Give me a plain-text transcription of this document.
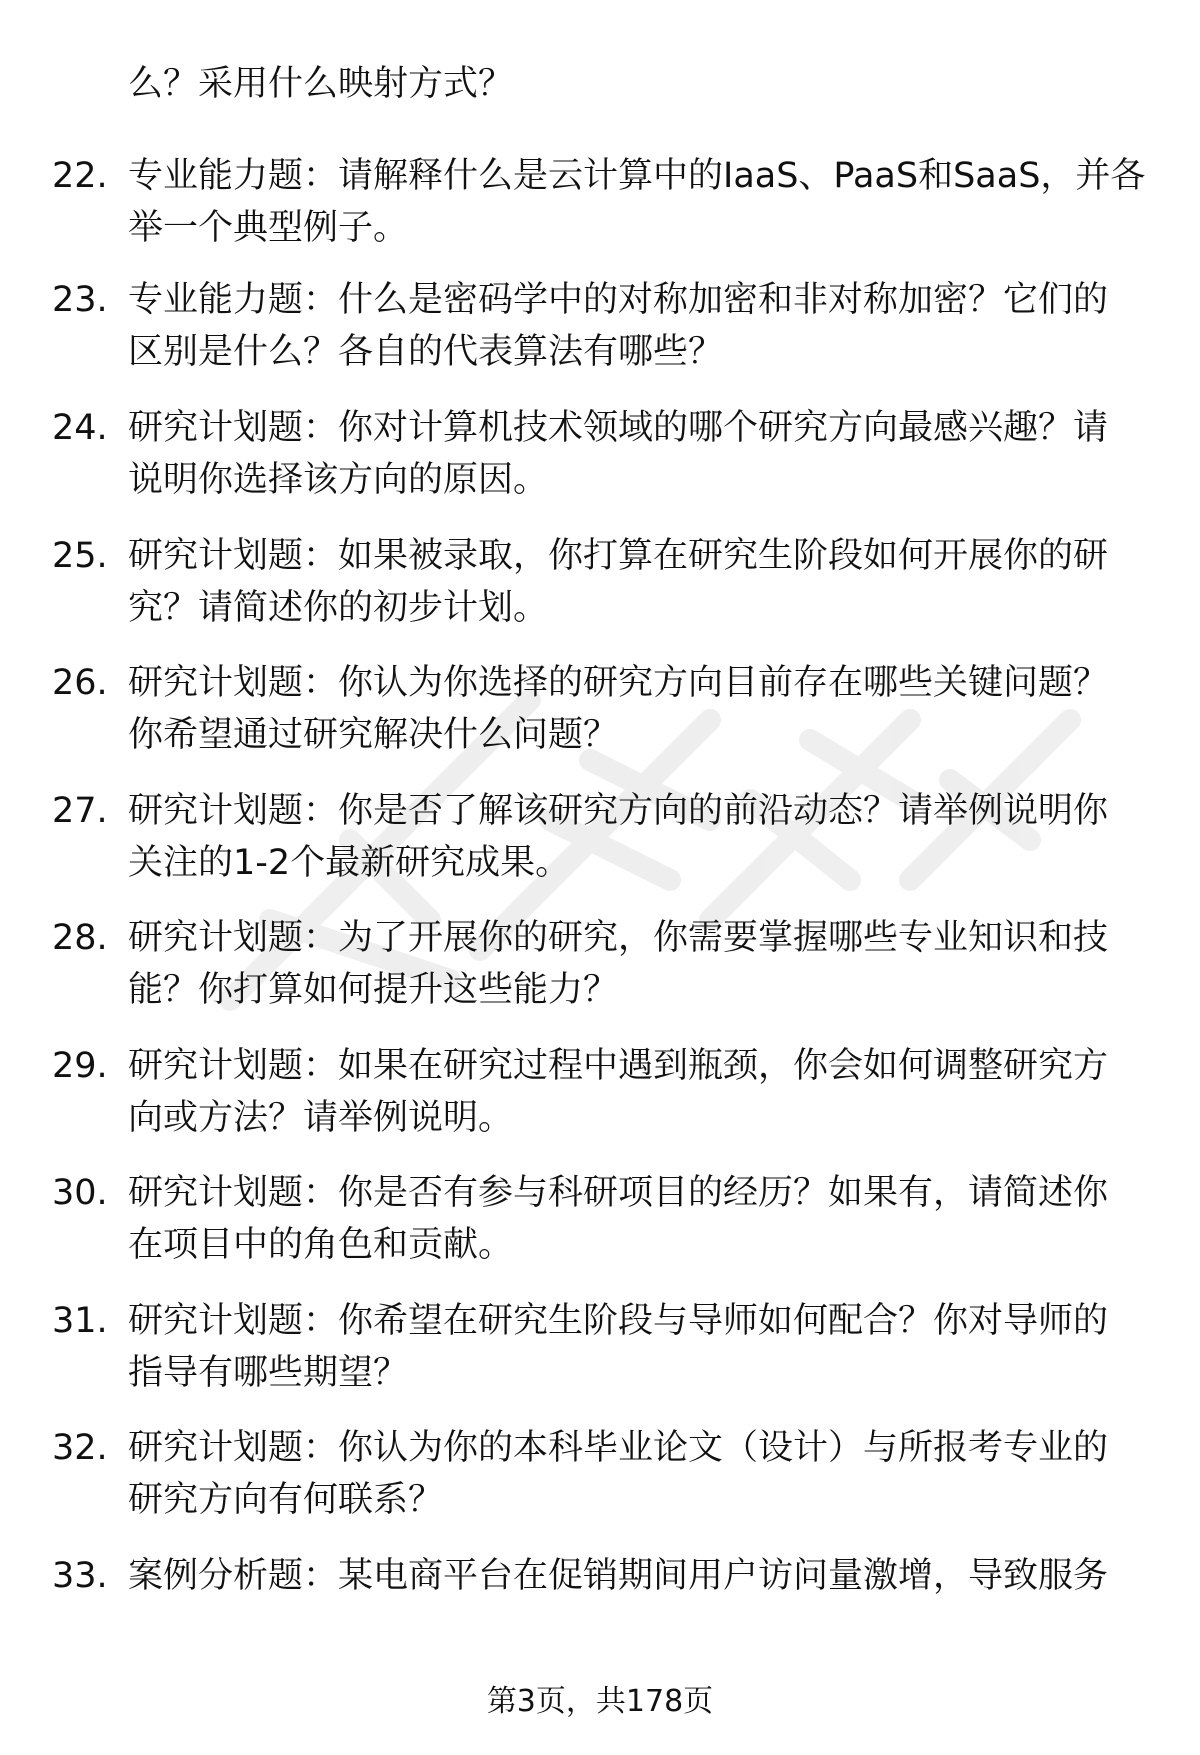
么？采用什么映射方式？
22. 专业能力题：请解释什么是云计算中的IaaS、PaaS和SaaS，并各
举一个典型例子。
23. 专业能力题：什么是密码学中的对称加密和非对称加密？它们的
区别是什么？各自的代表算法有哪些？
24. 研究计划题：你对计算机技术领域的哪个研究方向最感兴趣？请
说明你选择该方向的原因。
25. 研究计划题：如果被录取，你打算在研究生阶段如何开展你的研
究？请简述你的初步计划。
26. 研究计划题：你认为你选择的研究方向目前存在哪些关键问题？
你希望通过研究解决什么问题？
27. 研究计划题：你是否了解该研究方向的前沿动态？请举例说明你
关注的1-2个最新研究成果。
28. 研究计划题：为了开展你的研究，你需要掌握哪些专业知识和技
能？你打算如何提升这些能力？
29. 研究计划题：如果在研究过程中遇到瓶颈，你会如何调整研究方
向或方法？请举例说明。
30. 研究计划题：你是否有参与科研项目的经历？如果有，请简述你
在项目中的角色和贡献。
31. 研究计划题：你希望在研究生阶段与导师如何配合？你对导师的
指导有哪些期望？
32. 研究计划题：你认为你的本科毕业论文（设计）与所报考专业的
研究方向有何联系？
33. 案例分析题：某电商平台在促销期间用户访问量激增，导致服务
第3页，共178页
